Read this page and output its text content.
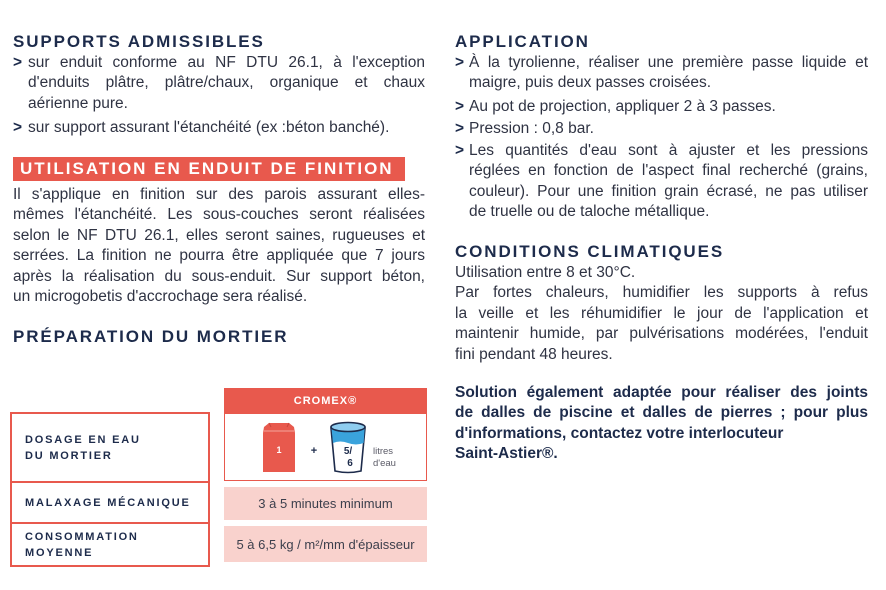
SUPPORTS ADMISSIBLES
> sur enduit conforme au NF DTU 26.1, à l'exception
d'enduits plâtre, plâtre/chaux, organique et chaux
aérienne pure.
> sur support assurant l'étanchéité (ex :béton banché).
UTILISATION EN ENDUIT DE FINITION
Il s'applique en finition sur des parois assurant elles-
mêmes l'étanchéité. Les sous-couches seront réalisées
selon le NF DTU 26.1, elles seront saines, rugueuses et
serrées. La finition ne pourra être appliquée que 7 jours
après la réalisation du sous-enduit. Sur support béton,
un microgobetis d'accrochage sera réalisé.
PRÉPARATION DU MORTIER
CROMEX®
DOSAGE EN EAU
DU MORTIER
MALAXAGE MÉCANIQUE
CONSOMMATION
MOYENNE
1	+	5/
6
litres
d'eau
3 à 5 minutes minimum
5 à 6,5 kg / m²/mm d'épaisseur
APPLICATION
> À la tyrolienne, réaliser une première passe liquide et
maigre, puis deux passes croisées.
> Au pot de projection, appliquer 2 à 3 passes.
> Pression : 0,8 bar.
> Les quantités d'eau sont à ajuster et les pressions
réglées en fonction de l'aspect final recherché (grains,
couleur). Pour une finition grain écrasé, ne pas utiliser
de truelle ou de taloche métallique.
CONDITIONS CLIMATIQUES
Utilisation entre 8 et 30°C.
Par fortes chaleurs, humidifier les supports à refus
la veille et les réhumidifier le jour de l'application et
maintenir humide, par pulvérisations modérées, l'enduit
fini pendant 48 heures.
Solution également adaptée pour réaliser des joints
de dalles de piscine et dalles de pierres ; pour plus
d'informations, contactez votre interlocuteur
Saint-Astier®.
